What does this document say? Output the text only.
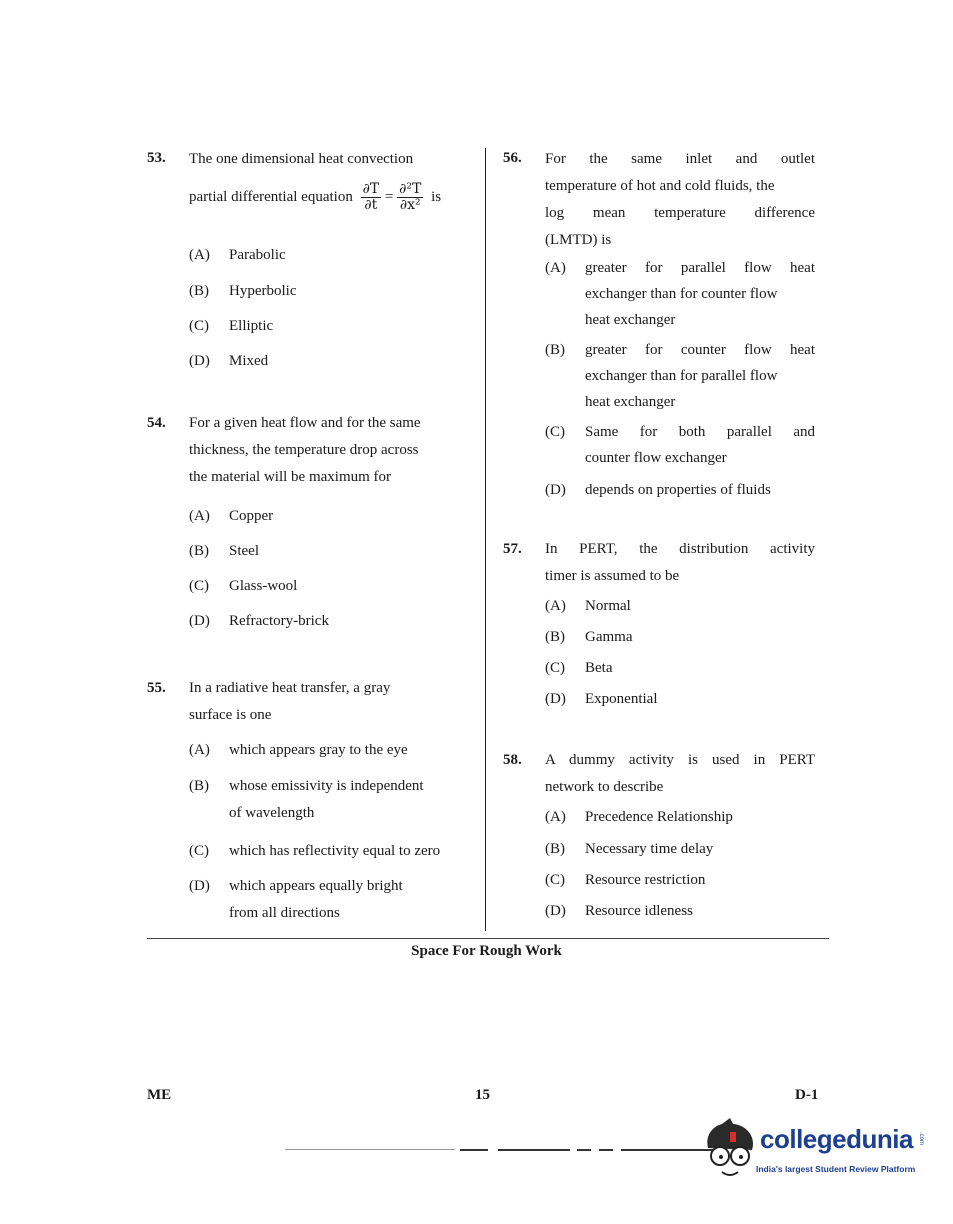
53. The one dimensional heat convection
partial differential equation $\frac{\partial T}{\partial t} = \frac{\text{∂²T}}{\text{∂x²}}$ is
(A) Parabolic
(B) Hyperbolic
(C) Elliptic
(D) Mixed
54. For a given heat flow and for the same
thickness, the temperature drop across
the material will be maximum for
(A) Copper
(B) Steel
(C) Glass-wool
(D) Refractory-brick
55. In a radiative heat transfer, a gray
surface is one
(A) which appears gray to the eye
(B) whose emissivity is independent
of wavelength
(C) which has reflectivity equal to zero
(D) which appears equally bright
from all directions
56. For the same inlet and outlet
temperature of hot and cold fluids, the
log mean temperature difference
(LMTD) is
(A) greater for parallel flow heat
exchanger than for counter flow
heat exchanger
(B) greater for counter flow heat
exchanger than for parallel flow
heat exchanger
(C) Same for both parallel and
counter flow exchanger
(D) depends on properties of fluids
57. In PERT, the distribution activity
timer is assumed to be
(A) Normal
(B) Gamma
(C) Beta
(D) Exponential
58. A dummy activity is used in PERT
network to describe
(A) Precedence Relationship
(B) Necessary time delay
(C) Resource restriction
(D) Resource idleness
Space For Rough Work
ME	15	D-1
collegedunia .com
India's largest Student Review Platform
